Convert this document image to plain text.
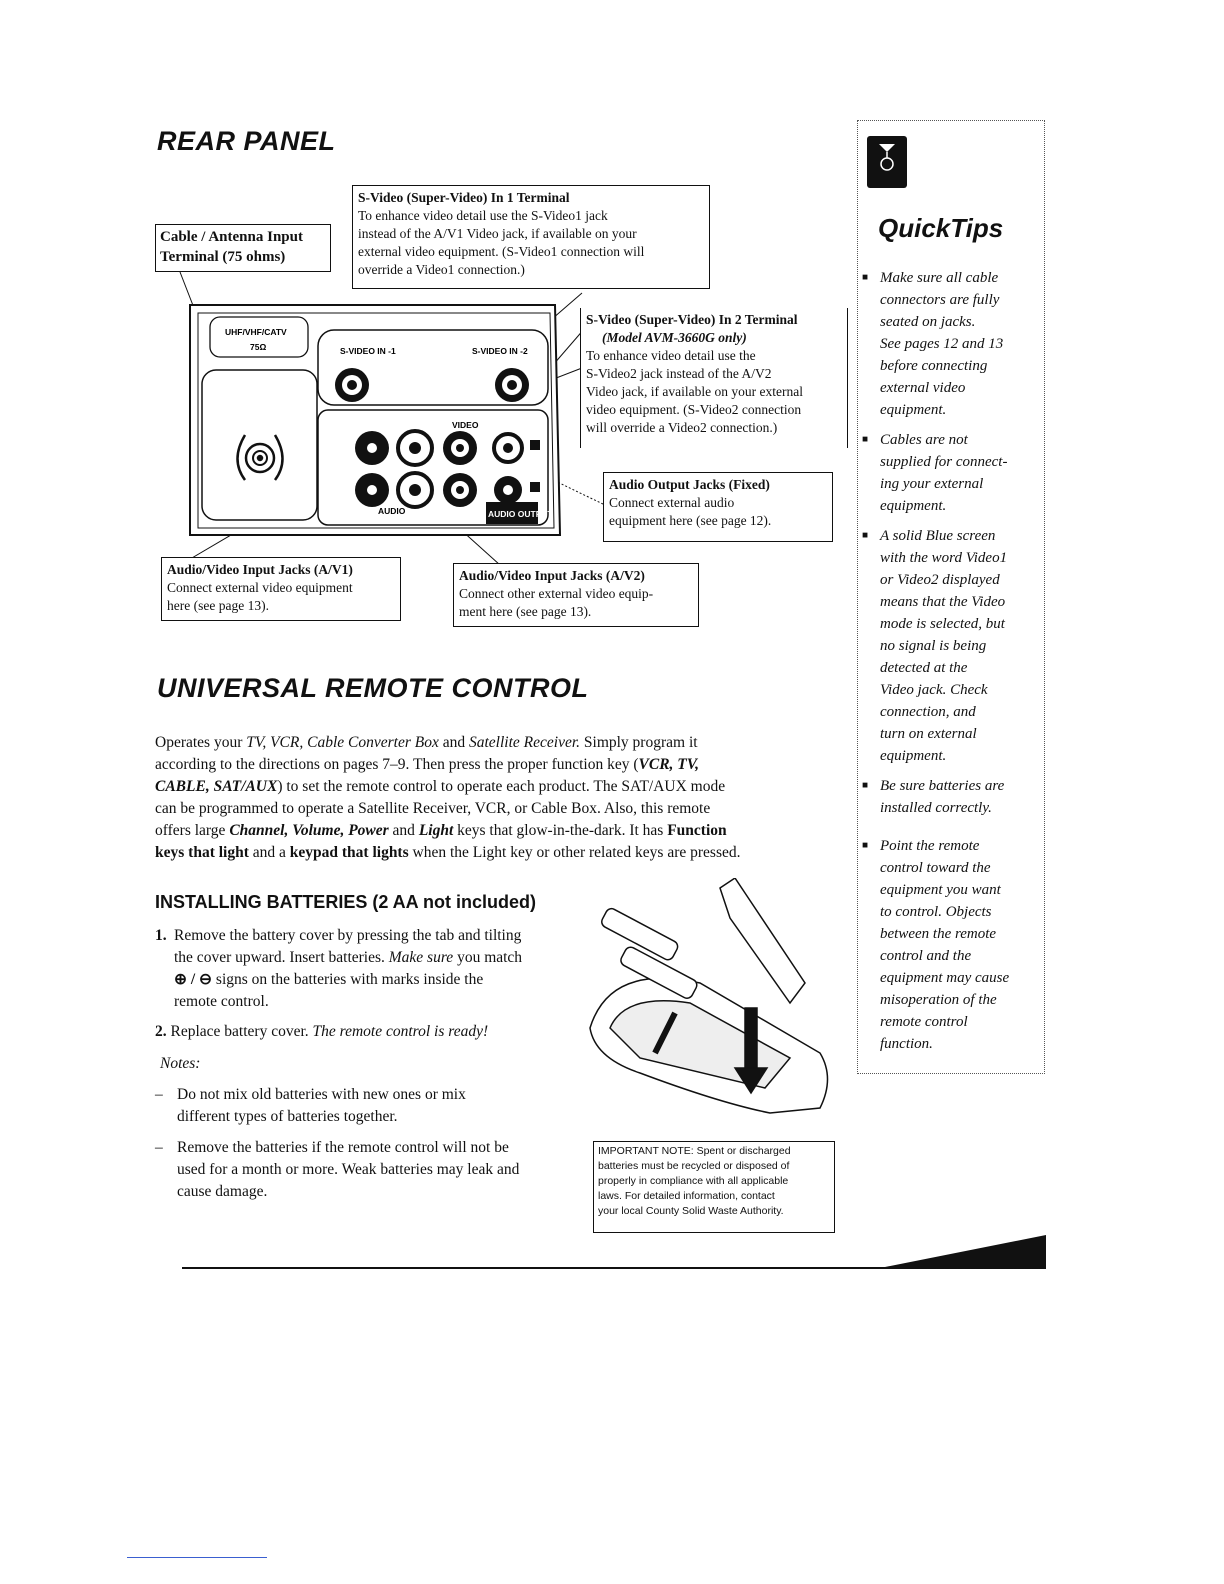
REAR PANEL
UHF/VHF/CATV
75Ω	S-VIDEO IN -1	S-VIDEO IN -2
AUDIO
VIDEO
AUDIO OUTPUT
Cable / Antenna Input
Terminal (75 ohms)
S-Video (Super-Video) In 1 Terminal
To enhance video detail use the S-Video1 jack
instead of the A/V1 Video jack, if available on your
external video equipment. (S-Video1 connection will
override a Video1 connection.)
S-Video (Super-Video) In 2 Terminal
(Model AVM-3660G only)
To enhance video detail use the
S-Video2 jack instead of the A/V2
Video jack, if available on your external
video equipment. (S-Video2 connection
will override a Video2 connection.)
Audio Output Jacks (Fixed)
Connect external audio
equipment here (see page 12).
Audio/Video Input Jacks (A/V1)
Connect external video equipment
here (see page 13).
Audio/Video Input Jacks (A/V2)
Connect other external video equip-
ment here (see page 13).
UNIVERSAL REMOTE CONTROL
Operates your TV, VCR, Cable Converter Box and Satellite Receiver. Simply program it
according to the directions on pages 7–9. Then press the proper function key (VCR, TV,
CABLE, SAT/AUX) to set the remote control to operate each product. The SAT/AUX mode
can be programmed to operate a Satellite Receiver, VCR, or Cable Box. Also, this remote
offers large Channel, Volume, Power and Light keys that glow-in-the-dark. It has Function
keys that light and a keypad that lights when the Light key or other related keys are pressed.
INSTALLING BATTERIES (2 AA not included)
1. Remove the battery cover by pressing the tab and tilting
the cover upward. Insert batteries. Make sure you match
⊕ / ⊖ signs on the batteries with marks inside the
remote control.
2. Replace battery cover. The remote control is ready!
Notes:
– Do not mix old batteries with new ones or mix
different types of batteries together.
– Remove the batteries if the remote control will not be
used for a month or more. Weak batteries may leak and
cause damage.
IMPORTANT NOTE: Spent or discharged
batteries must be recycled or disposed of
properly in compliance with all applicable
laws. For detailed information, contact
your local County Solid Waste Authority.
QuickTips
■ Make sure all cable
connectors are fully
seated on jacks.
See pages 12 and 13
before connecting
external video
equipment.
■ Cables are not
supplied for connect-
ing your external
equipment.
■ A solid Blue screen
with the word Video1
or Video2 displayed
means that the Video
mode is selected, but
no signal is being
detected at the
Video jack. Check
connection, and
turn on external
equipment.
■ Be sure batteries are
installed correctly.
■ Point the remote
control toward the
equipment you want
to control. Objects
between the remote
control and the
equipment may cause
misoperation of the
remote control
function.
